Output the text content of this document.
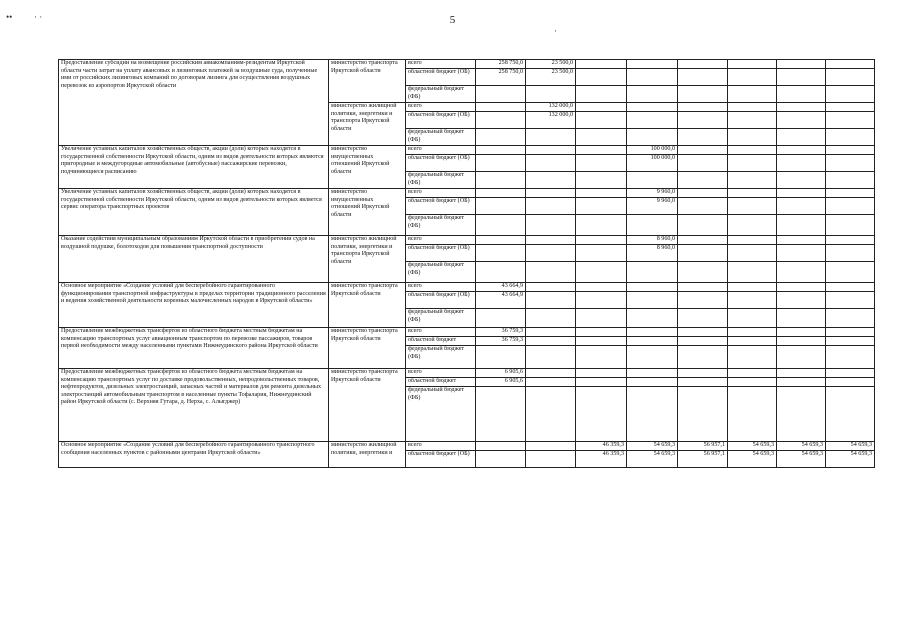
5
•• · ·
·
Предоставление субсидии на возмещение российским авиакомпаниям-резидентам Иркутской области части затрат на уплату авансовых и лизинговых платежей за воздушные суда, полученные ими от российских лизинговых компаний по договорам лизинга для осуществления воздушных перевозок из аэропортов Иркутской области	министерство транспорта Иркутской области	всего	258 750,0	23 500,0						
		областной бюджет (ОБ)	258 750,0	23 500,0						
		федеральный бюджет (ФБ)								
	министерство жилищной политики, энергетики и транспорта Иркутской области	всего		132 000,0						
		областной бюджет (ОБ)		132 000,0						
		федеральный бюджет (ФБ)								
Увеличение уставных капиталов хозяйственных обществ, акции (доли) которых находятся в государственной собственности Иркутской области, одним из видов деятельности которых являются пригородные и междугородные автомобильные (автобусные) пассажирские перевозки, подчиняющиеся расписанию	министерство имущественных отношений Иркутской области	всего				100 000,0				
		областной бюджет (ОБ)				100 000,0				
		федеральный бюджет (ФБ)								
Увеличение уставных капиталов хозяйственных обществ, акции (доли) которых находятся в государственной собственности Иркутской области, одним из видов деятельности которых является сервис оператора транспортных проектов	министерство имущественных отношений Иркутской области	всего				9 960,0				
		областной бюджет (ОБ)				9 960,0				
		федеральный бюджет (ФБ)								
Оказание содействия муниципальным образованиям Иркутской области в приобретении судов на воздушной подушке, болотоходов для повышения транспортной доступности	министерство жилищной политики, энергетики и транспорта Иркутской области	всего				8 960,0				
		областной бюджет (ОБ)				8 960,0				
		федеральный бюджет (ФБ)								
Основное мероприятие «Создание условий для бесперебойного гарантированного функционирования транспортной инфраструктуры в пределах территории традиционного расселения и ведения хозяйственной деятельности коренных малочисленных народов в Иркутской области»	министерство транспорта Иркутской области	всего	43 664,9							
		областной бюджет (ОБ)	43 664,9							
		федеральный бюджет (ФБ)								
Предоставление межбюджетных трансфертов из областного бюджета местным бюджетам на компенсацию транспортных услуг авиационным транспортом по перевозке пассажиров, товаров первой необходимости между населенными пунктами Нижнеудинского района Иркутской области	министерство транспорта Иркутской области	всего	36 759,3							
		областной бюджет	36 759,3							
		федеральный бюджет (ФБ)								
Предоставление межбюджетных трансфертов из областного бюджета местным бюджетам на компенсацию транспортных услуг по доставке продовольственных, непродовольственных товаров, нефтепродуктов, дизельных электростанций, запасных частей и материалов для ремонта дизельных электростанций автомобильным транспортом в населенные пункты Тофалария, Нижнеудинский район Иркутской области (с. Верхняя Гутара, д. Нерха, с. Алыгджер)	министерство транспорта Иркутской области	всего	6 905,6							
		областной бюджет	6 905,6							
		федеральный бюджет (ФБ)								
Основное мероприятие «Создание условий для бесперебойного гарантированного транспортного сообщения населенных пунктов с районными центрами Иркутской области»	министерство жилищной политики, энергетики и	всего			46 359,3	54 659,3	56 957,1	54 659,3	54 659,3	54 659,3
		областной бюджет (ОБ)			46 359,3	54 659,3	56 957,1	54 659,3	54 659,3	54 659,3
